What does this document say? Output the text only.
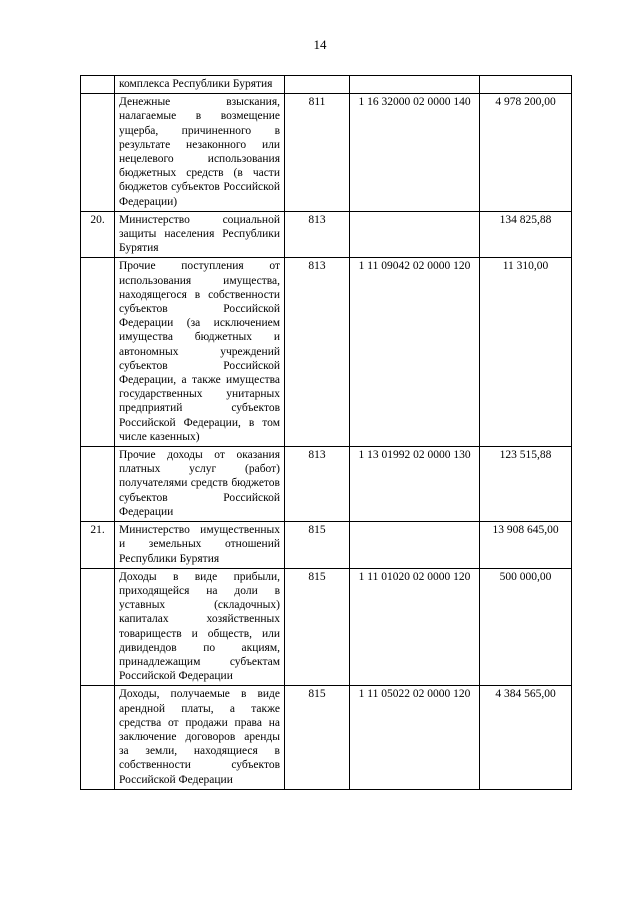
14
	комплекса Республики Бурятия			
	Денежные взыскания, налагаемые в возмещение ущерба, причиненного в результате незаконного или нецелевого использования бюджетных средств (в части бюджетов субъектов Российской Федерации)	811	1 16 32000 02 0000 140	4 978 200,00
20.	Министерство социальной защиты населения Республики Бурятия	813		134 825,88
	Прочие поступления от использования имущества, находящегося в собственности субъектов Российской Федерации (за исключением имущества бюджетных и автономных учреждений субъектов Российской Федерации, а также имущества государственных унитарных предприятий субъектов Российской Федерации, в том числе казенных)	813	1 11 09042 02 0000 120	11 310,00
	Прочие доходы от оказания платных услуг (работ) получателями средств бюджетов субъектов Российской Федерации	813	1 13 01992 02 0000 130	123 515,88
21.	Министерство имущественных и земельных отношений Республики Бурятия	815		13 908 645,00
	Доходы в виде прибыли, приходящейся на доли в уставных (складочных) капиталах хозяйственных товариществ и обществ, или дивидендов по акциям, принадлежащим субъектам Российской Федерации	815	1 11 01020 02 0000 120	500 000,00
	Доходы, получаемые в виде арендной платы, а также средства от продажи права на заключение договоров аренды за земли, находящиеся в собственности субъектов Российской Федерации	815	1 11 05022 02 0000 120	4 384 565,00
